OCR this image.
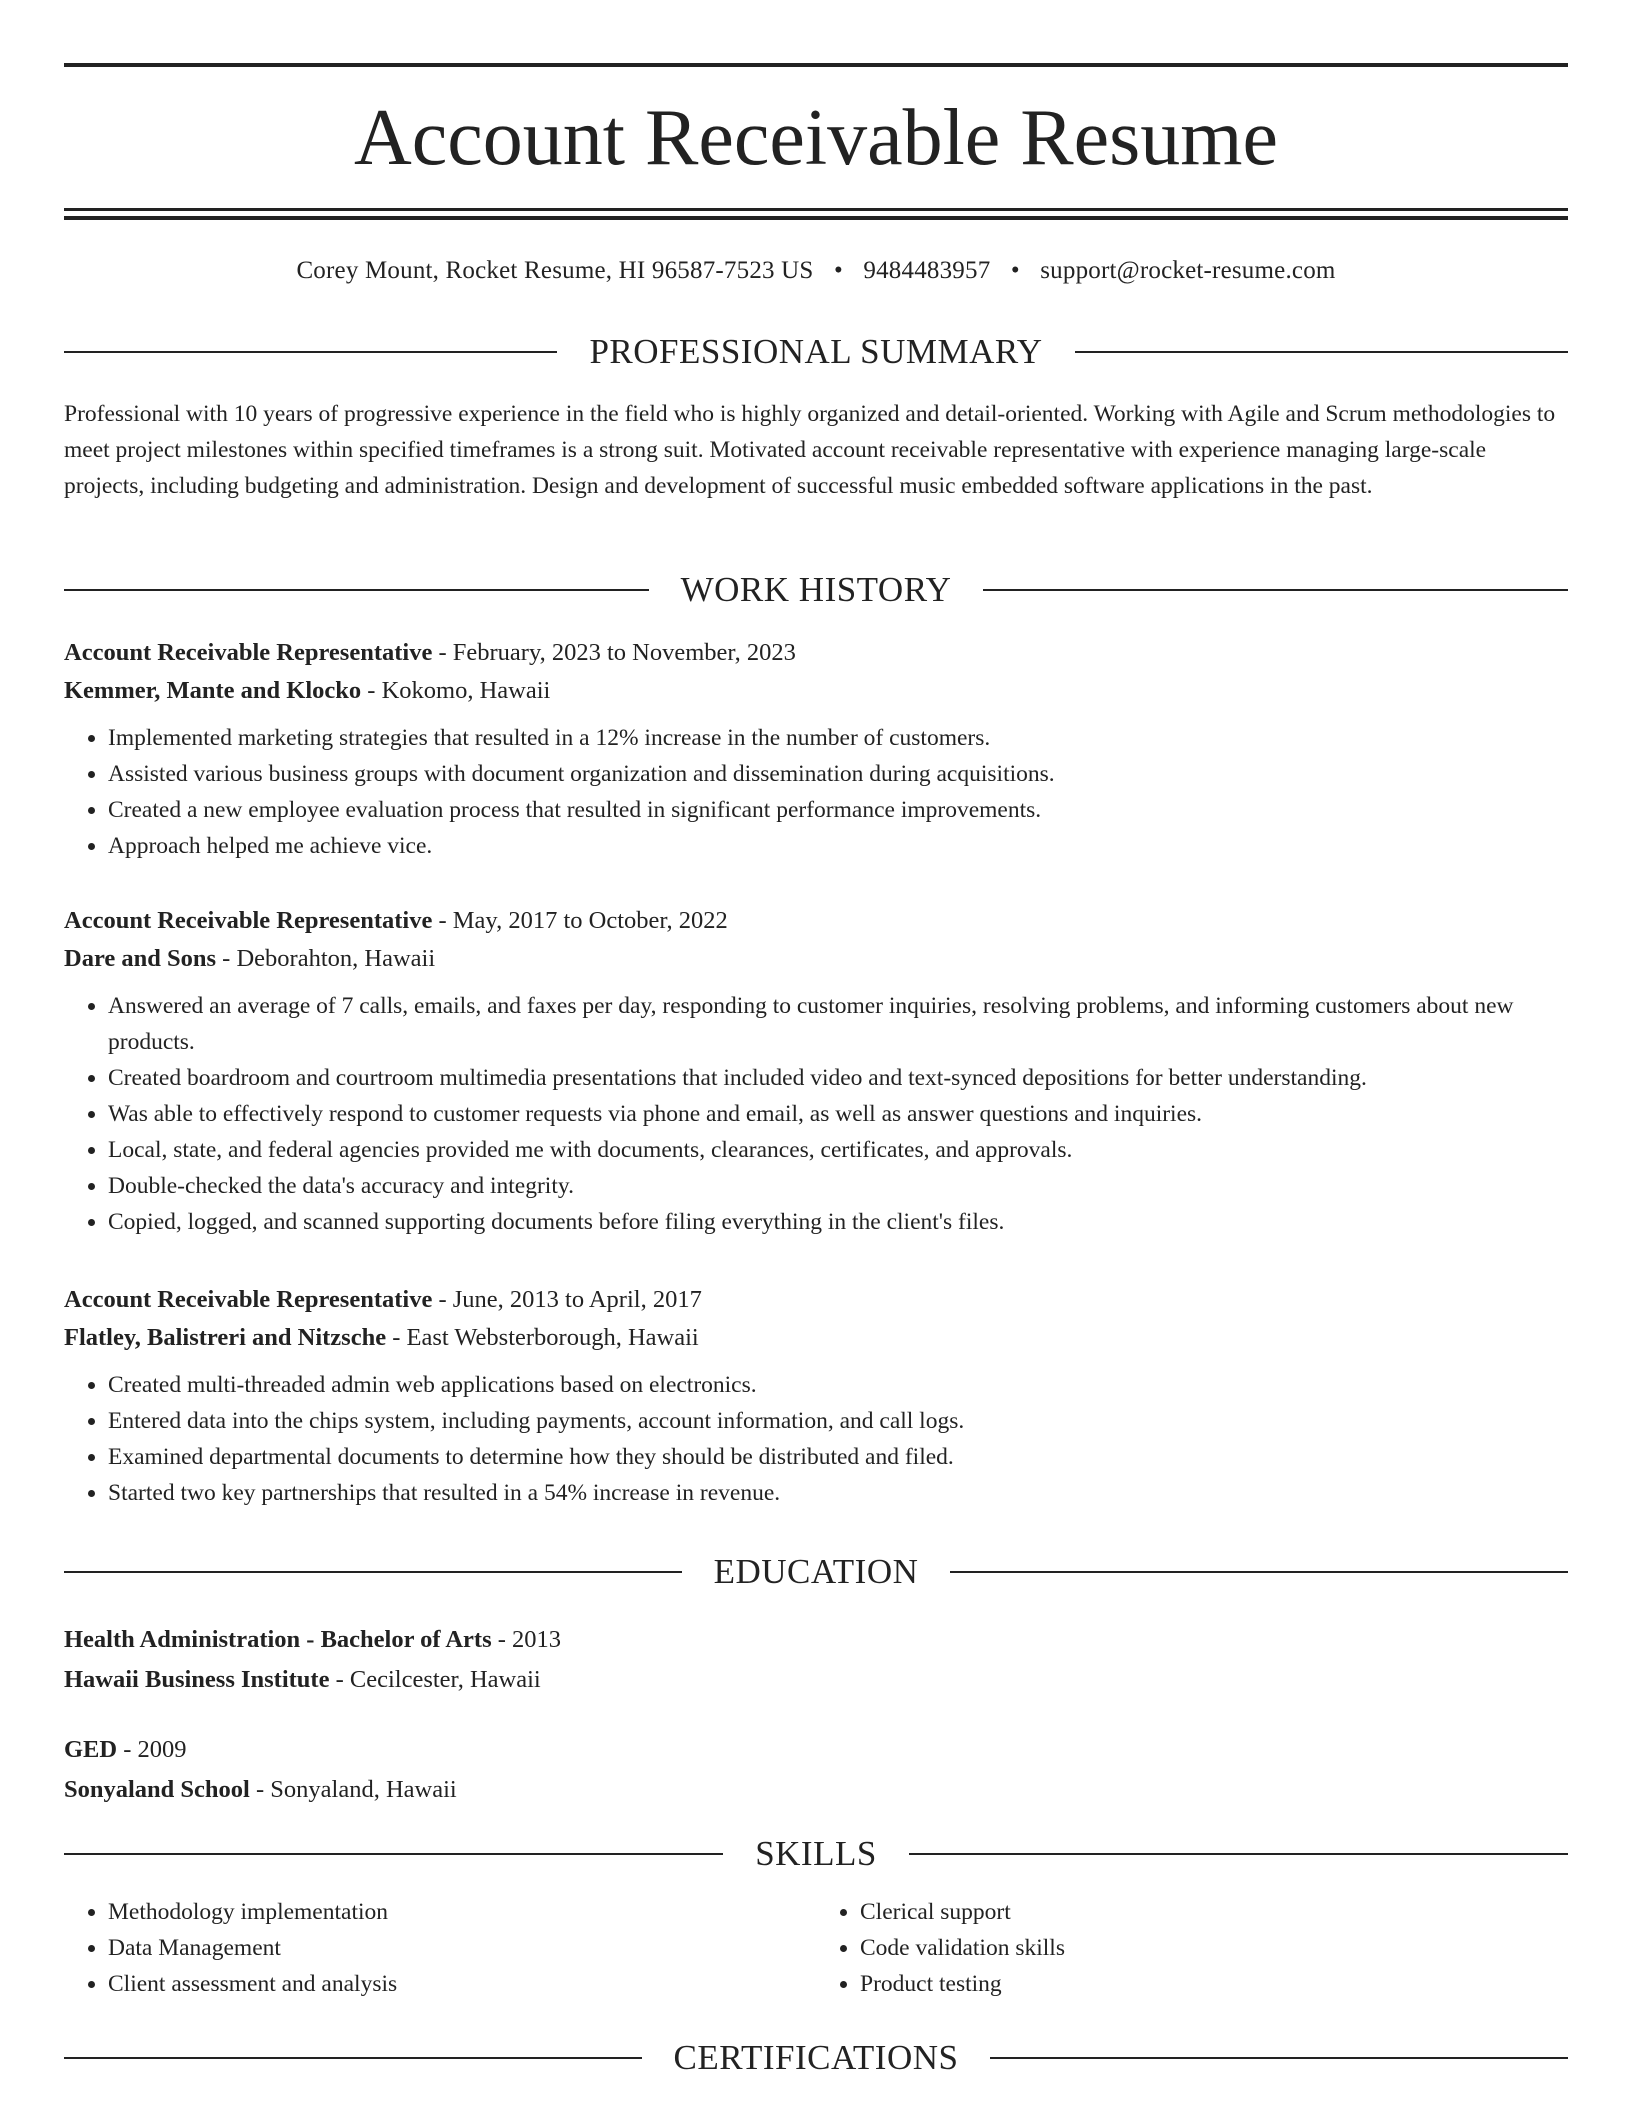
Account Receivable Resume
Corey Mount, Rocket Resume, HI 96587-7523 US • 9484483957 • support@rocket-resume.com
PROFESSIONAL SUMMARY

Professional with 10 years of progressive experience in the field who is highly organized and detail-oriented. Working with Agile and Scrum methodologies to meet project milestones within specified timeframes is a strong suit. Motivated account receivable representative with experience managing large-scale projects, including budgeting and administration. Design and development of successful music embedded software applications in the past.

WORK HISTORY

Account Receivable Representative - February, 2023 to November, 2023

Kemmer, Mante and Klocko - Kokomo, Hawaii

• Implemented marketing strategies that resulted in a 12% increase in the number of customers.
• Assisted various business groups with document organization and dissemination during acquisitions.
• Created a new employee evaluation process that resulted in significant performance improvements.
• Approach helped me achieve vice.

Account Receivable Representative - May, 2017 to October, 2022

Dare and Sons - Deborahton, Hawaii

• Answered an average of 7 calls, emails, and faxes per day, responding to customer inquiries, resolving problems, and informing customers about new products.
• Created boardroom and courtroom multimedia presentations that included video and text-synced depositions for better understanding.
• Was able to effectively respond to customer requests via phone and email, as well as answer questions and inquiries.
• Local, state, and federal agencies provided me with documents, clearances, certificates, and approvals.
• Double-checked the data's accuracy and integrity.
• Copied, logged, and scanned supporting documents before filing everything in the client's files.

Account Receivable Representative - June, 2013 to April, 2017

Flatley, Balistreri and Nitzsche - East Websterborough, Hawaii

• Created multi-threaded admin web applications based on electronics.
• Entered data into the chips system, including payments, account information, and call logs.
• Examined departmental documents to determine how they should be distributed and filed.
• Started two key partnerships that resulted in a 54% increase in revenue.
EDUCATION

Health Administration - Bachelor of Arts - 2013

Hawaii Business Institute - Cecilcester, Hawaii

GED - 2009

Sonyaland School - Sonyaland, Hawaii

SKILLS
• Methodology implementation
• Data Management
• Client assessment and analysis
• Clerical support
• Code validation skills
• Product testing
CERTIFICATIONS
